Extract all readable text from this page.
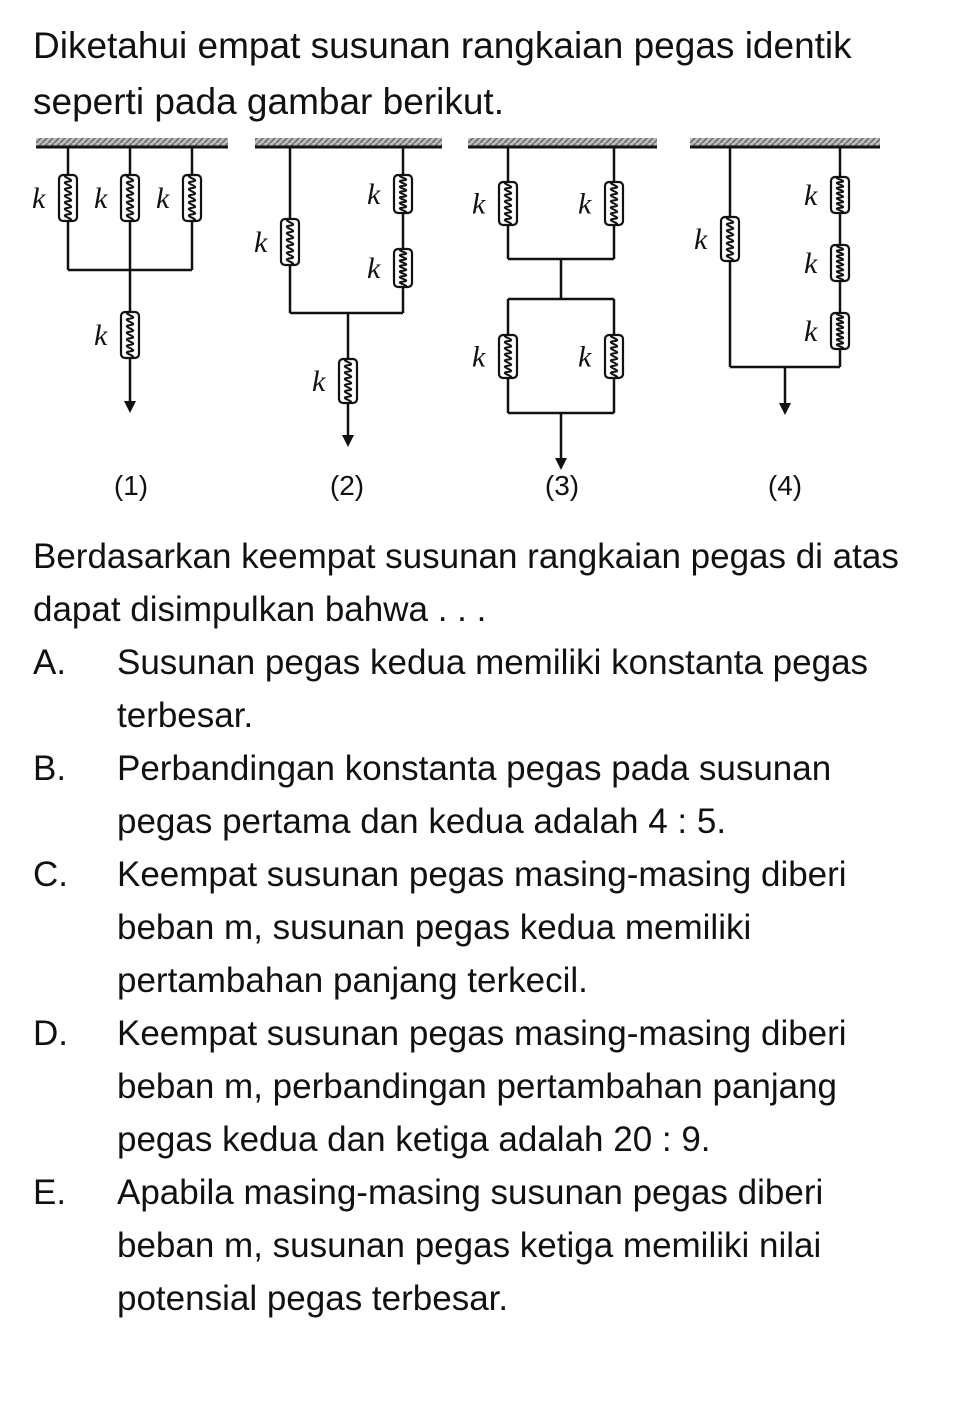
Diketahui empat susunan rangkaian pegas identik seperti pada gambar berikut.

k k k
k
(1)
k
k
k
k
(2)
k	k
k	k
(3)
k
k
k
k
(4)

Berdasarkan keempat susunan rangkaian pegas di atas dapat disimpulkan bahwa . . .

A.	Susunan pegas kedua memiliki konstanta pegas terbesar.
B.	Perbandingan konstanta pegas pada susunan pegas pertama dan kedua adalah 4 : 5.
C.	Keempat susunan pegas masing-masing diberi beban m, susunan pegas kedua memiliki pertambahan panjang terkecil.
D.	Keempat susunan pegas masing-masing diberi beban m, perbandingan pertambahan panjang pegas kedua dan ketiga adalah 20 : 9.
E.	Apabila masing-masing susunan pegas diberi beban m, susunan pegas ketiga memiliki nilai potensial pegas terbesar.
